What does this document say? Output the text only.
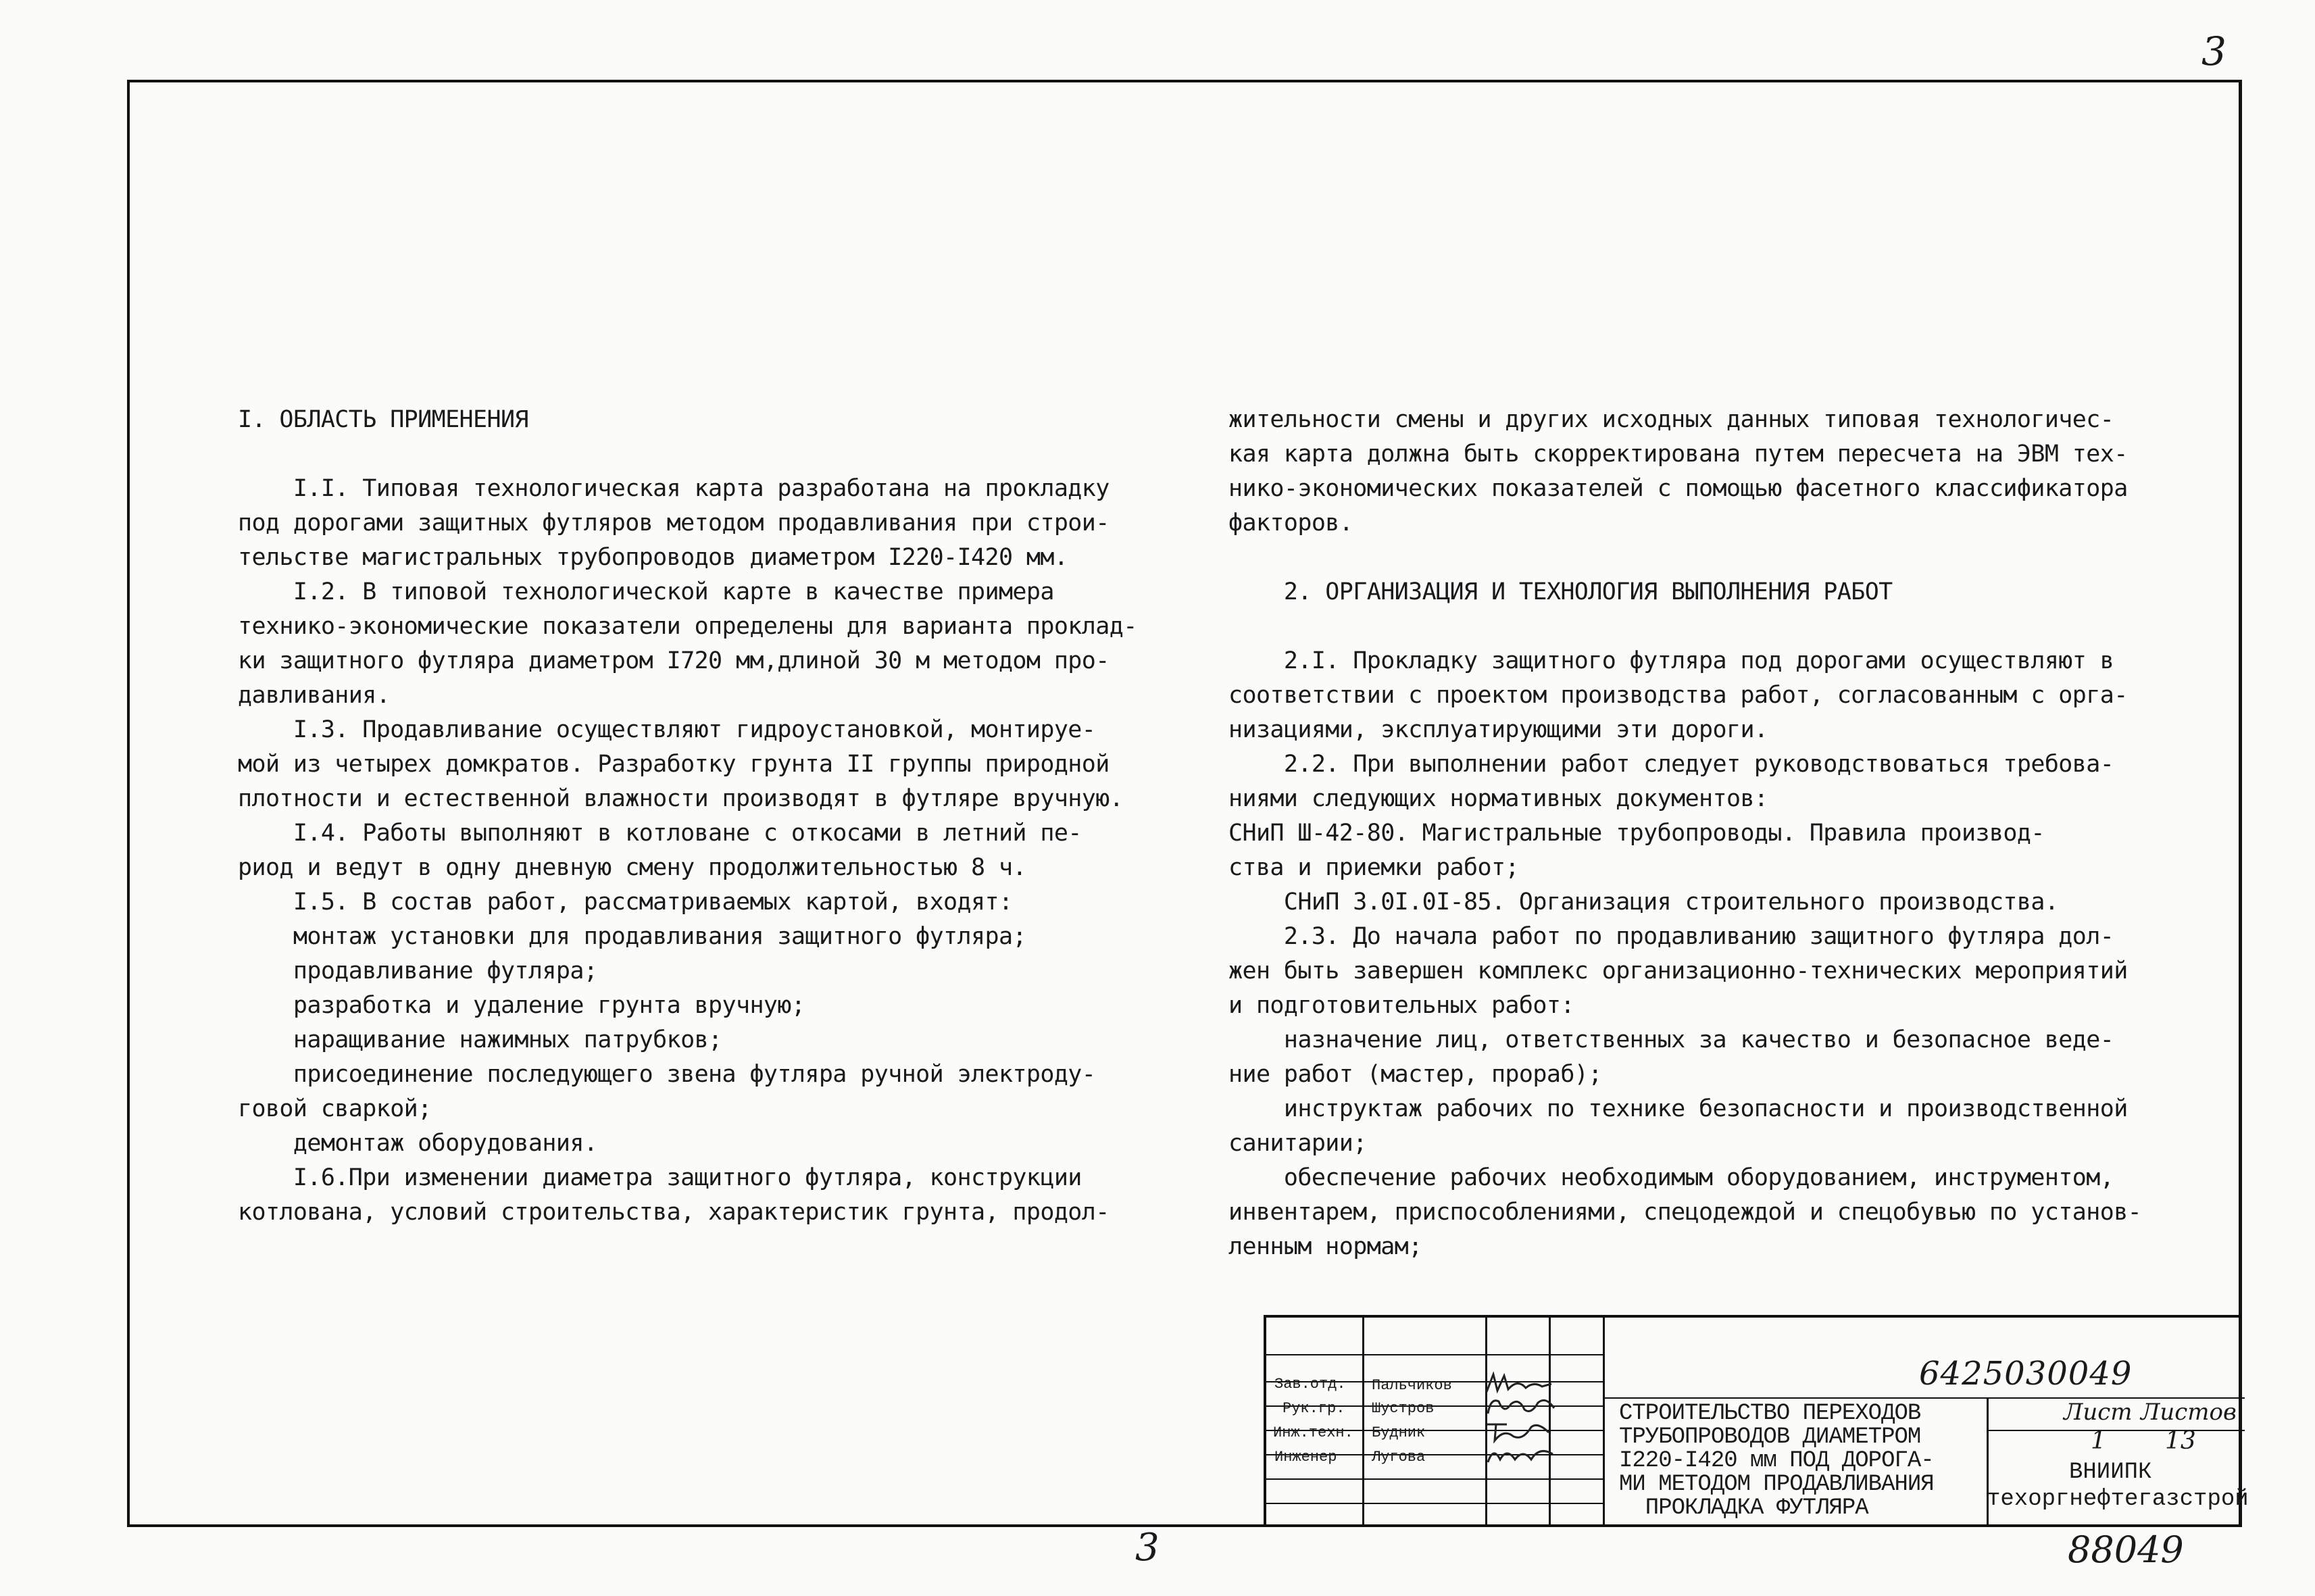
3
I. ОБЛАСТЬ ПРИМЕНЕНИЯ
I.I. Типовая технологическая карта разработана на прокладку
под дорогами защитных футляров методом продавливания при строи-
тельстве магистральных трубопроводов диаметром I220-I420 мм.
I.2. В типовой технологической карте в качестве примера
технико-экономические показатели определены для варианта проклад-
ки защитного футляра диаметром I720 мм,длиной 30 м методом про-
давливания.
I.3. Продавливание осуществляют гидроустановкой, монтируе-
мой из четырех домкратов. Разработку грунта II группы природной
плотности и естественной влажности производят в футляре вручную.
I.4. Работы выполняют в котловане с откосами в летний пе-
риод и ведут в одну дневную смену продолжительностью 8 ч.
I.5. В состав работ, рассматриваемых картой, входят:
монтаж установки для продавливания защитного футляра;
продавливание футляра;
разработка и удаление грунта вручную;
наращивание нажимных патрубков;
присоединение последующего звена футляра ручной электроду-
говой сваркой;
демонтаж оборудования.
I.6.При изменении диаметра защитного футляра, конструкции
котлована, условий строительства, характеристик грунта, продол-
жительности смены и других исходных данных типовая технологичес-
кая карта должна быть скорректирована путем пересчета на ЭВМ тех-
нико-экономических показателей с помощью фасетного классификатора
факторов.
2. ОРГАНИЗАЦИЯ И ТЕХНОЛОГИЯ ВЫПОЛНЕНИЯ РАБОТ
2.I. Прокладку защитного футляра под дорогами осуществляют в
соответствии с проектом производства работ, согласованным с орга-
низациями, эксплуатирующими эти дороги.
2.2. При выполнении работ следует руководствоваться требова-
ниями следующих нормативных документов:
СНиП Ш-42-80. Магистральные трубопроводы. Правила производ-
ства и приемки работ;
СНиП 3.0I.0I-85. Организация строительного производства.
2.3. До начала работ по продавливанию защитного футляра дол-
жен быть завершен комплекс организационно-технических мероприятий
и подготовительных работ:
назначение лиц, ответственных за качество и безопасное веде-
ние работ (мастер, прораб);
инструктаж рабочих по технике безопасности и производственной
санитарии;
обеспечение рабочих необходимым оборудованием, инструментом,
инвентарем, приспособлениями, спецодеждой и спецобувью по установ-
ленным нормам;
Зав.отд. Пальчиков
Рук.гр. Шустров
Инж.техн. Будник
Инженер Лугова
6425030049
СТРОИТЕЛЬСТВО ПЕРЕХОДОВ
ТРУБОПРОВОДОВ ДИАМЕТРОМ
I220-I420 мм ПОД ДОРОГА-
МИ МЕТОДОМ ПРОДАВЛИВАНИЯ
ПРОКЛАДКА ФУТЛЯРА
Лист Листов
1 13
ВНИИПК
техоргнефтегазстрой
3	88049
